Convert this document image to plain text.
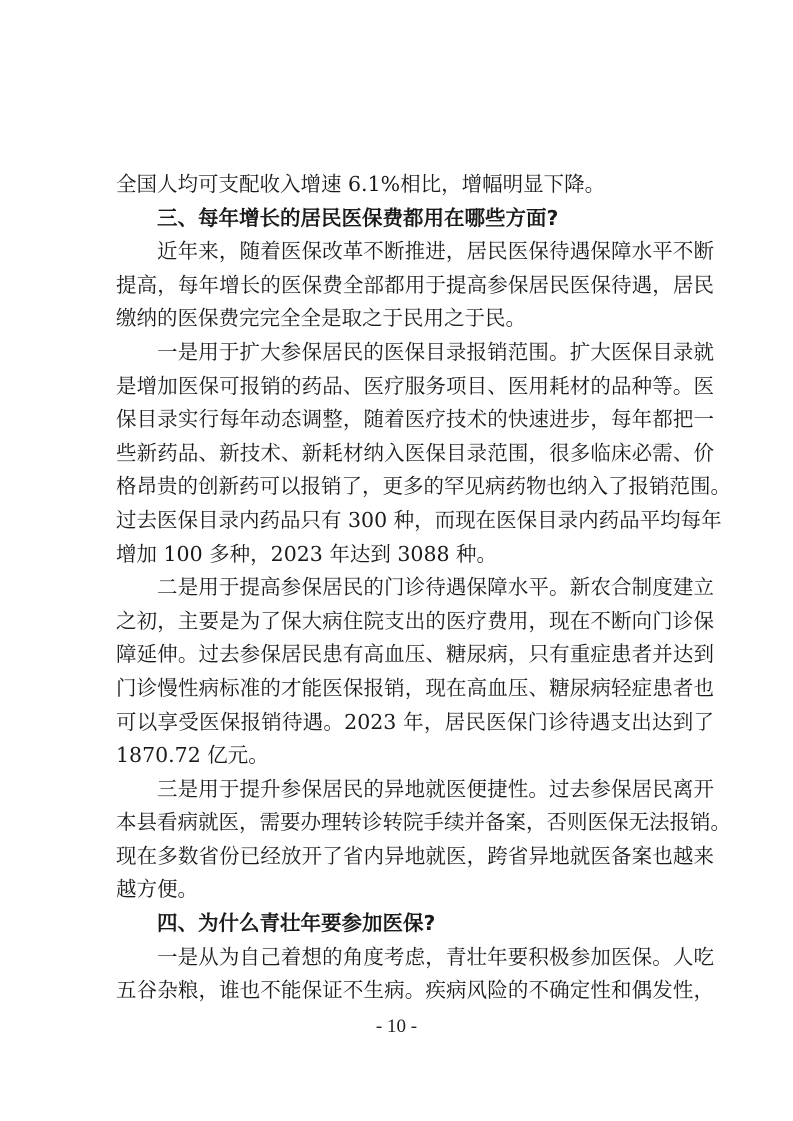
全国人均可支配收入增速 6.1%相比，增幅明显下降。
三、每年增长的居民医保费都用在哪些方面?
近年来，随着医保改革不断推进，居民医保待遇保障水平不断
提高，每年增长的医保费全部都用于提高参保居民医保待遇，居民
缴纳的医保费完完全全是取之于民用之于民。
一是用于扩大参保居民的医保目录报销范围。扩大医保目录就
是增加医保可报销的药品、医疗服务项目、医用耗材的品种等。医
保目录实行每年动态调整，随着医疗技术的快速进步，每年都把一
些新药品、新技术、新耗材纳入医保目录范围，很多临床必需、价
格昂贵的创新药可以报销了，更多的罕见病药物也纳入了报销范围。
过去医保目录内药品只有 300 种，而现在医保目录内药品平均每年
增加 100 多种，2023 年达到 3088 种。
二是用于提高参保居民的门诊待遇保障水平。新农合制度建立
之初，主要是为了保大病住院支出的医疗费用，现在不断向门诊保
障延伸。过去参保居民患有高血压、糖尿病，只有重症患者并达到
门诊慢性病标准的才能医保报销，现在高血压、糖尿病轻症患者也
可以享受医保报销待遇。2023 年，居民医保门诊待遇支出达到了
1870.72 亿元。
三是用于提升参保居民的异地就医便捷性。过去参保居民离开
本县看病就医，需要办理转诊转院手续并备案，否则医保无法报销。
现在多数省份已经放开了省内异地就医，跨省异地就医备案也越来
越方便。
四、为什么青壮年要参加医保?
一是从为自己着想的角度考虑，青壮年要积极参加医保。人吃
五谷杂粮，谁也不能保证不生病。疾病风险的不确定性和偶发性，
- 10 -
